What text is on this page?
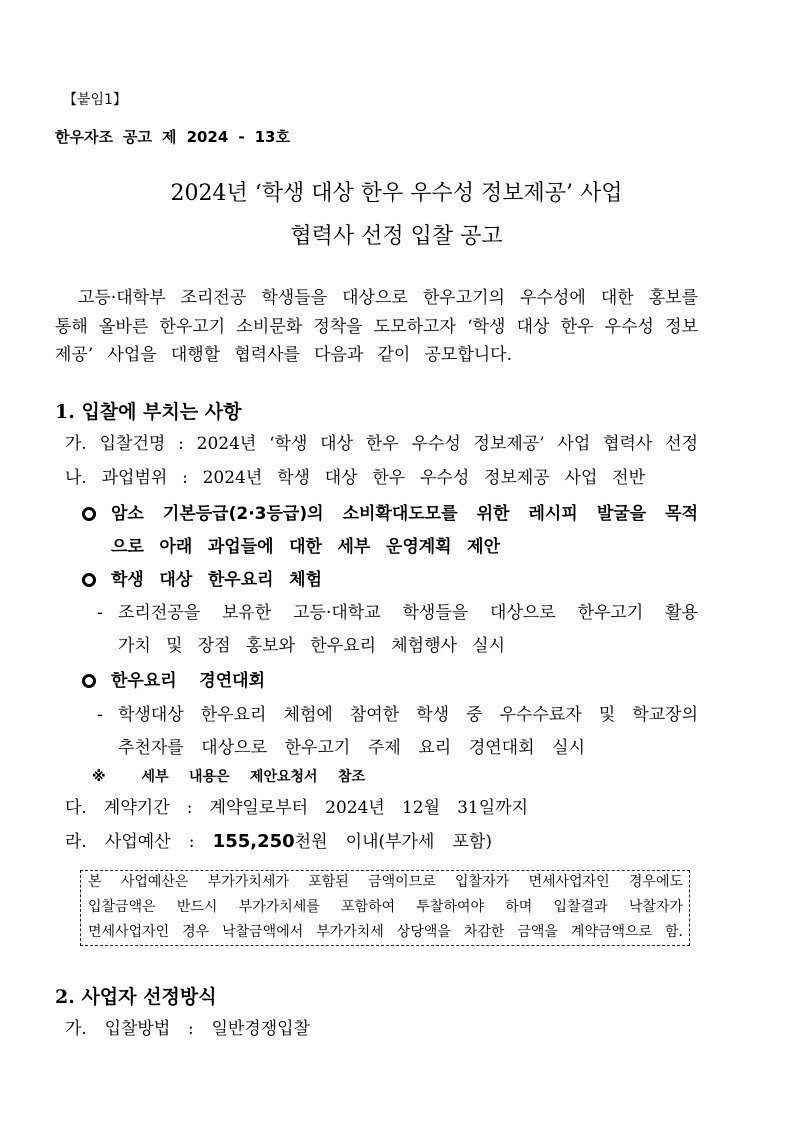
【붙임1】
한우자조 공고 제 2024 - 13호
2024년 ‘학생 대상 한우 우수성 정보제공’ 사업
협력사 선정 입찰 공고
고등·대학부 조리전공 학생들을 대상으로 한우고기의 우수성에 대한 홍보를
통해 올바른 한우고기 소비문화 정착을 도모하고자 ‘학생 대상 한우 우수성 정보
제공’ 사업을 대행할 협력사를 다음과 같이 공모합니다.
1. 입찰에 부치는 사항
가. 입찰건명 : 2024년 ‘학생 대상 한우 우수성 정보제공’ 사업 협력사 선정
나. 과업범위 : 2024년 학생 대상 한우 우수성 정보제공 사업 전반
암소 기본등급(2·3등급)의 소비확대도모를 위한 레시피 발굴을 목적
으로 아래 과업들에 대한 세부 운영계획 제안
학생 대상 한우요리 체험
- 조리전공을 보유한 고등·대학교 학생들을 대상으로 한우고기 활용
가치 및 장점 홍보와 한우요리 체험행사 실시
한우요리 경연대회
- 학생대상 한우요리 체험에 참여한 학생 중 우수수료자 및 학교장의
추천자를 대상으로 한우고기 주제 요리 경연대회 실시
※ 세부 내용은 제안요청서 참조
다. 계약기간 : 계약일로부터 2024년 12월 31일까지
라. 사업예산 : 155,250천원 이내(부가세 포함)
본 사업예산은 부가가치세가 포함된 금액이므로 입찰자가 면세사업자인 경우에도
입찰금액은 반드시 부가가치세를 포함하여 투찰하여야 하며 입찰결과 낙찰자가
면세사업자인 경우 낙찰금액에서 부가가치세 상당액을 차감한 금액을 계약금액으로 함.
2. 사업자 선정방식
가. 입찰방법 : 일반경쟁입찰
